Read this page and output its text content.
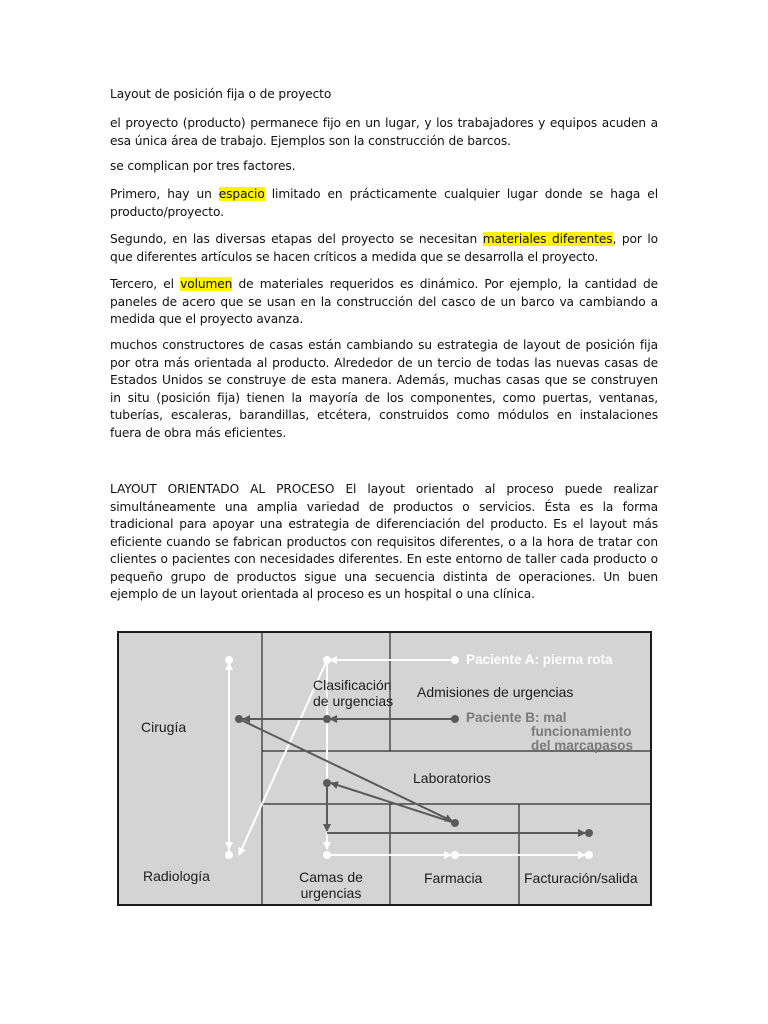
Layout de posición fija o de proyecto
el proyecto (producto) permanece fijo en un lugar, y los trabajadores y equipos acuden a esa única área de trabajo. Ejemplos son la construcción de barcos.
se complican por tres factores.
Primero, hay un espacio limitado en prácticamente cualquier lugar donde se haga el producto/proyecto.
Segundo, en las diversas etapas del proyecto se necesitan materiales diferentes, por lo que diferentes artículos se hacen críticos a medida que se desarrolla el proyecto.
Tercero, el volumen de materiales requeridos es dinámico. Por ejemplo, la cantidad de paneles de acero que se usan en la construcción del casco de un barco va cambiando a medida que el proyecto avanza.
muchos constructores de casas están cambiando su estrategia de layout de posición fija por otra más orientada al producto. Alrededor de un tercio de todas las nuevas casas de Estados Unidos se construye de esta manera. Además, muchas casas que se construyen in situ (posición fija) tienen la mayoría de los componentes, como puertas, ventanas, tuberías, escaleras, barandillas, etcétera, construidos como módulos en instalaciones fuera de obra más eficientes.
LAYOUT ORIENTADO AL PROCESO El layout orientado al proceso puede realizar simultáneamente una amplia variedad de productos o servicios. Ésta es la forma tradicional para apoyar una estrategia de diferenciación del producto. Es el layout más eficiente cuando se fabrican productos con requisitos diferentes, o a la hora de tratar con clientes o pacientes con necesidades diferentes. En este entorno de taller cada producto o pequeño grupo de productos sigue una secuencia distinta de operaciones. Un buen ejemplo de un layout orientada al proceso es un hospital o una clínica.
Cirugía
Clasificación
de urgencias
Admisiones de urgencias
Laboratorios
Radiología	Camas de
urgencias
Farmacia	Facturación/salida
Paciente A: pierna rota
Paciente B: mal
funcionamiento
del marcapasos
